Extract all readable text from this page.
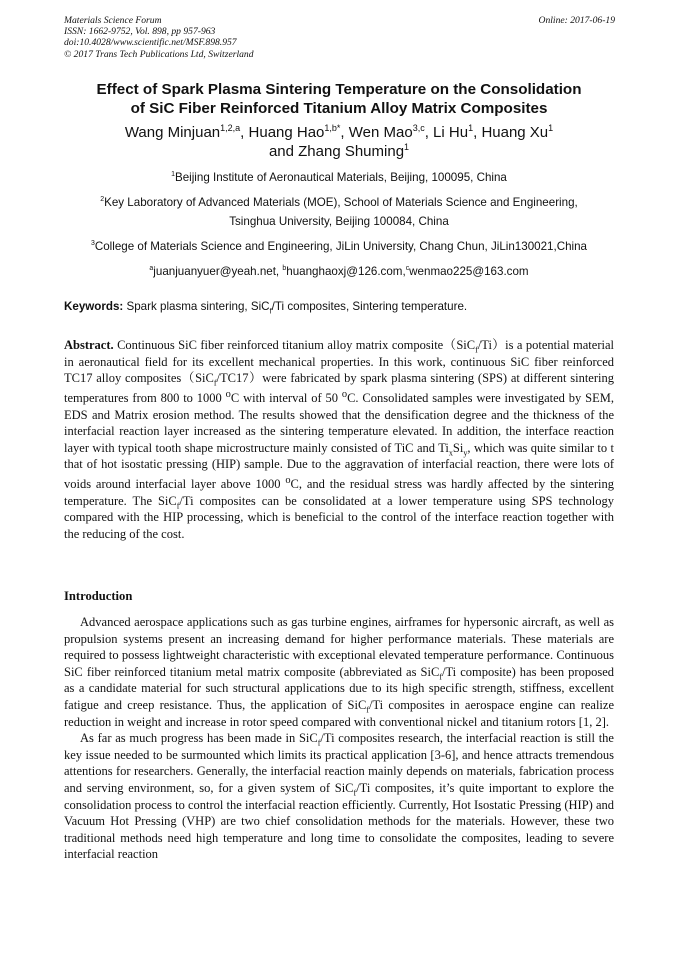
Materials Science Forum
ISSN: 1662-9752, Vol. 898, pp 957-963
doi:10.4028/www.scientific.net/MSF.898.957
© 2017 Trans Tech Publications Ltd, Switzerland
Online: 2017-06-19
Effect of Spark Plasma Sintering Temperature on the Consolidation
of SiC Fiber Reinforced Titanium Alloy Matrix Composites
Wang Minjuan$^{1,2,a}$, Huang Hao$^{1,b*}$, Wen Mao$^{3,c}$, Li Hu$^1$, Huang Xu$^1$
and Zhang Shuming$^1$
$^1$Beijing Institute of Aeronautical Materials, Beijing, 100095, China
$^2$Key Laboratory of Advanced Materials (MOE), School of Materials Science and Engineering,
Tsinghua University, Beijing 100084, China
$^3$College of Materials Science and Engineering, JiLin University, Chang Chun, JiLin130021,China
$^a$juanjuanyuer@yeah.net, $^b$huanghaoxj@126.com,$^c$wenmao225@163.com
Keywords: Spark plasma sintering, SiC$_f$/Ti composites, Sintering temperature.
Abstract. Continuous SiC fiber reinforced titanium alloy matrix composite（SiC$_f$/Ti）is a potential material in aeronautical field for its excellent mechanical properties. In this work, continuous SiC fiber reinforced TC17 alloy composites（SiC$_f$/TC17）were fabricated by spark plasma sintering (SPS) at different sintering temperatures from 800 to 1000 $^o$C with interval of 50 $^o$C. Consolidated samples were investigated by SEM, EDS and Matrix erosion method. The results showed that the densification degree and the thickness of the interfacial reaction layer increased as the sintering temperature elevated. In addition, the interface reaction layer with typical tooth shape microstructure mainly consisted of TiC and $Ti_xSi_y$, which was quite similar to t that of hot isostatic pressing (HIP) sample. Due to the aggravation of interfacial reaction, there were lots of voids around interfacial layer above 1000 $^o$C, and the residual stress was hardly affected by the sintering temperature. The SiC$_f$/Ti composites can be consolidated at a lower temperature using SPS technology compared with the HIP processing, which is beneficial to the control of the interface reaction together with the reducing of the cost.
Introduction

Advanced aerospace applications such as gas turbine engines, airframes for hypersonic aircraft, as well as propulsion systems present an increasing demand for higher performance materials. These materials are required to possess lightweight characteristic with exceptional elevated temperature performance. Continuous SiC fiber reinforced titanium metal matrix composite (abbreviated as SiC$_f$/Ti composite) has been proposed as a candidate material for such structural applications due to its high specific strength, stiffness, excellent fatigue and creep resistance. Thus, the application of SiC$_f$/Ti composites in aerospace engine can realize reduction in weight and increase in rotor speed compared with conventional nickel and titanium rotors [1, 2].

As far as much progress has been made in SiC$_f$/Ti composites research, the interfacial reaction is still the key issue needed to be surmounted which limits its practical application [3-6], and hence attracts tremendous attentions for researchers. Generally, the interfacial reaction mainly depends on materials, fabrication process and serving environment, so, for a given system of SiC$_f$/Ti composites, it’s quite important to explore the consolidation process to control the interfacial reaction efficiently. Currently, Hot Isostatic Pressing (HIP) and Vacuum Hot Pressing (VHP) are two chief consolidation methods for the materials. However, these two traditional methods need high temperature and long time to consolidate the composites, leading to severe interfacial reaction
